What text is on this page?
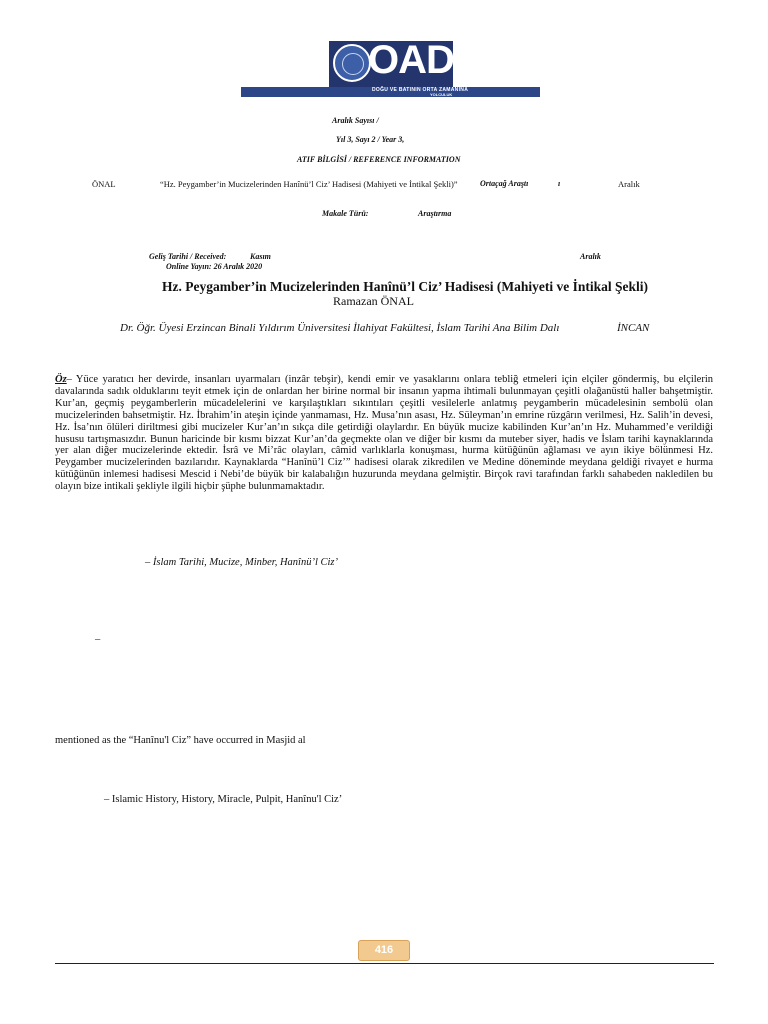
OAD
DOĞU VE BATININ ORTA ZAMANINA
YOLCULUK
Aralık Sayısı /
Yıl 3, Sayı 2 / Year 3,
ATIF BİLGİSİ / REFERENCE INFORMATION
ÖNAL	“Hz. Peygamber’in Mucizelerinden Hanînü’l Ciz’ Hadisesi (Mahiyeti ve İntikal Şekli)”	Ortaçağ Araştı	ı	Aralık
Makale Türü:	Araştırma
Geliş Tarihi / Received:	Kasım	Aralık
Online Yayın: 26 Aralık 2020
Hz. Peygamber’in Mucizelerinden Hanînü’l Ciz’ Hadisesi (Mahiyeti ve İntikal Şekli)
Ramazan ÖNAL
Dr. Öğr. Üyesi Erzincan Binali Yıldırım Üniversitesi İlahiyat Fakültesi, İslam Tarihi Ana Bilim Dalı	İNCAN
Öz– Yüce yaratıcı her devirde, insanları uyarmaları (inzâr tebşir), kendi emir ve yasaklarını onlara tebliğ etmeleri için elçiler göndermiş, bu elçilerin davalarında sadık olduklarını teyit etmek için de onlardan her birine normal bir insanın yapma ihtimali bulunmayan çeşitli olağanüstü haller bahşetmiştir. Kur’an, geçmiş peygamberlerin mücadelelerini ve karşılaştıkları sıkıntıları çeşitli vesilelerle anlatmış peygamberin mücadelesinin sembolü olan mucizelerinden bahsetmiştir. Hz. İbrahim’in ateşin içinde yanmaması, Hz. Musa’nın asası, Hz. Süleyman’ın emrine rüzgârın verilmesi, Hz. Salih’in devesi, Hz. İsa’nın ölüleri diriltmesi gibi mucizeler Kur’an’ın sıkça dile getirdiği olaylardır. En büyük mucize kabilinden Kur’an’ın Hz. Muhammed’e verildiği hususu tartışmasızdır. Bunun haricinde bir kısmı bizzat Kur’an’da geçmekte olan ve diğer bir kısmı da muteber siyer, hadis ve İslam tarihi kaynaklarında yer alan diğer mucizelerinde ektedir. İsrâ ve Mi’râc olayları, câmid varlıklarla konuşması, hurma kütüğünün ağlaması ve ayın ikiye bölünmesi Hz. Peygamber mucizelerinden bazılarıdır. Kaynaklarda “Hanînü’l Ciz’” hadisesi olarak zikredilen ve Medine döneminde meydana geldiği rivayet e hurma kütüğünün inlemesi hadisesi Mescid i Nebi’de büyük bir kalabalığın huzurunda meydana gelmiştir. Birçok ravi tarafından farklı sahabeden nakledilen bu olayın bize intikali şekliyle ilgili hiçbir şüphe bulunmamaktadır.
– İslam Tarihi, Mucize, Minber, Hanînü’l Ciz’
–
mentioned as the “Hanînu'l Ciz” have occurred in Masjid al
– Islamic History, History, Miracle, Pulpit, Hanînu'l Ciz’
416
